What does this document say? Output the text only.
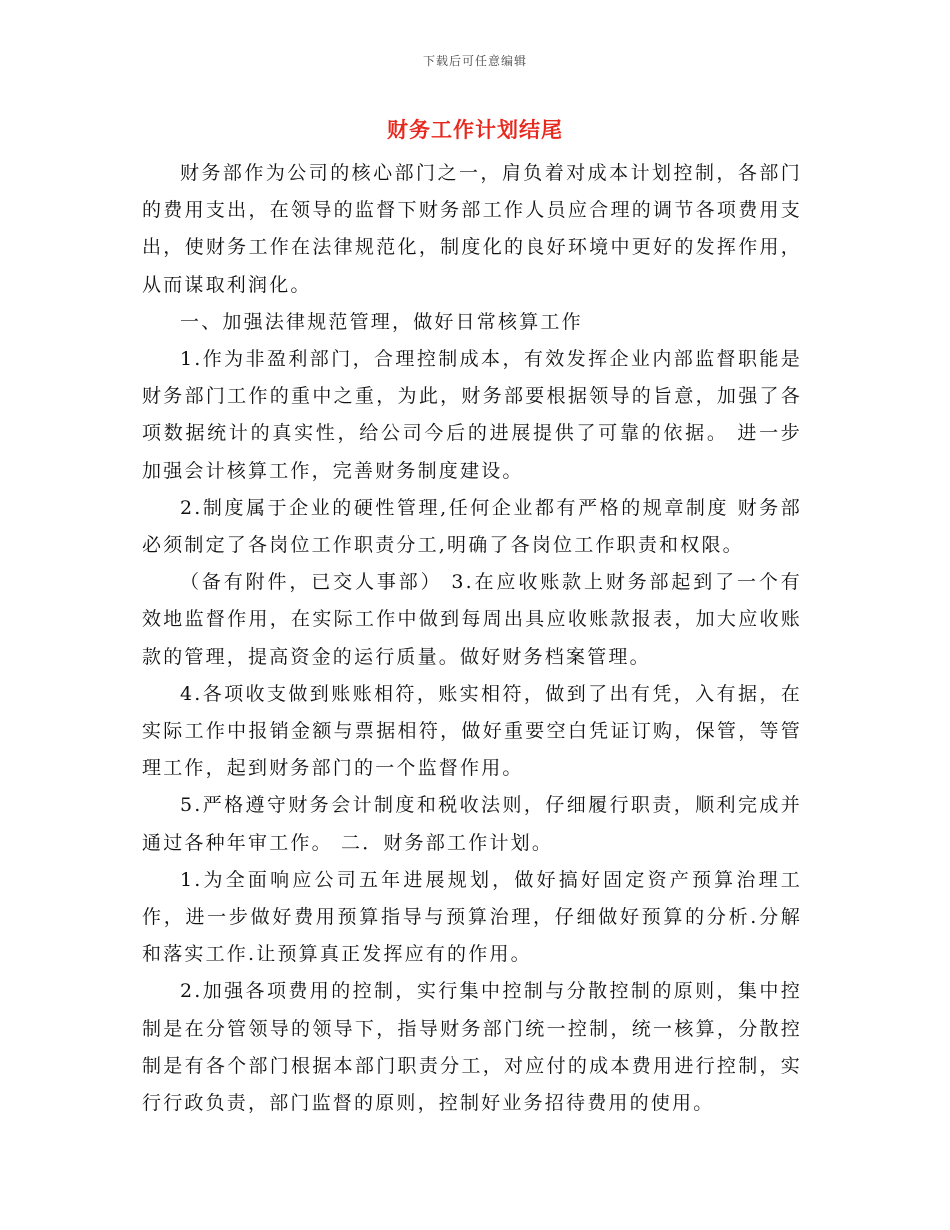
下载后可任意编辑
财务工作计划结尾

财务部作为公司的核心部门之一，肩负着对成本计划控制，各部门的费用支出，在领导的监督下财务部工作人员应合理的调节各项费用支出，使财务工作在法律规范化，制度化的良好环境中更好的发挥作用，从而谋取利润化。

一、加强法律规范管理，做好日常核算工作

1.作为非盈利部门，合理控制成本，有效发挥企业内部监督职能是财务部门工作的重中之重，为此，财务部要根据领导的旨意，加强了各项数据统计的真实性，给公司今后的进展提供了可靠的依据。 进一步加强会计核算工作，完善财务制度建设。

2.制度属于企业的硬性管理,任何企业都有严格的规章制度 财务部必须制定了各岗位工作职责分工,明确了各岗位工作职责和权限。

（备有附件，已交人事部） 3.在应收账款上财务部起到了一个有效地监督作用，在实际工作中做到每周出具应收账款报表，加大应收账款的管理，提高资金的运行质量。做好财务档案管理。

4.各项收支做到账账相符，账实相符，做到了出有凭，入有据，在实际工作中报销金额与票据相符，做好重要空白凭证订购，保管，等管理工作，起到财务部门的一个监督作用。

5.严格遵守财务会计制度和税收法则，仔细履行职责，顺利完成并通过各种年审工作。 二．财务部工作计划。

1.为全面响应公司五年进展规划，做好搞好固定资产预算治理工作，进一步做好费用预算指导与预算治理，仔细做好预算的分析.分解和落实工作.让预算真正发挥应有的作用。

2.加强各项费用的控制，实行集中控制与分散控制的原则，集中控制是在分管领导的领导下，指导财务部门统一控制，统一核算，分散控制是有各个部门根据本部门职责分工，对应付的成本费用进行控制，实行行政负责，部门监督的原则，控制好业务招待费用的使用。
